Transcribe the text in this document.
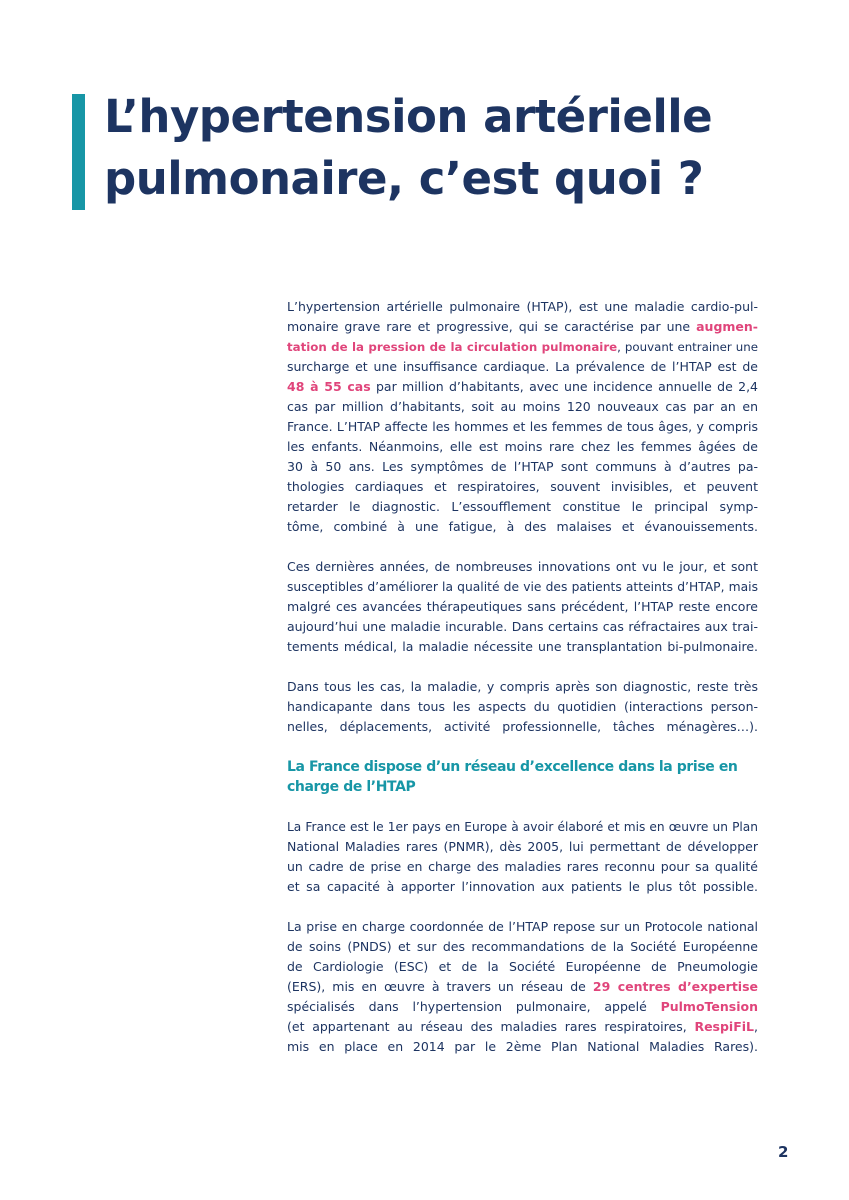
L’hypertension artérielle
pulmonaire, c’est quoi ?
L’hypertension artérielle pulmonaire (HTAP), est une maladie cardio-pul-
monaire grave rare et progressive, qui se caractérise par une augmen-
tation de la pression de la circulation pulmonaire, pouvant entrainer une
surcharge et une insuffisance cardiaque. La prévalence de l’HTAP est de
48 à 55 cas par million d’habitants, avec une incidence annuelle de 2,4
cas par million d’habitants, soit au moins 120 nouveaux cas par an en
France. L’HTAP affecte les hommes et les femmes de tous âges, y compris
les enfants. Néanmoins, elle est moins rare chez les femmes âgées de
30 à 50 ans. Les symptômes de l’HTAP sont communs à d’autres pa-
thologies cardiaques et respiratoires, souvent invisibles, et peuvent
retarder le diagnostic. L’essoufflement constitue le principal symp-
tôme, combiné à une fatigue, à des malaises et évanouissements.
Ces dernières années, de nombreuses innovations ont vu le jour, et sont
susceptibles d’améliorer la qualité de vie des patients atteints d’HTAP, mais
malgré ces avancées thérapeutiques sans précédent, l’HTAP reste encore
aujourd’hui une maladie incurable. Dans certains cas réfractaires aux trai-
tements médical, la maladie nécessite une transplantation bi-pulmonaire.
Dans tous les cas, la maladie, y compris après son diagnostic, reste très
handicapante dans tous les aspects du quotidien (interactions person-
nelles, déplacements, activité professionnelle, tâches ménagères…).
La France dispose d’un réseau d’excellence dans la prise en
charge de l’HTAP
La France est le 1er pays en Europe à avoir élaboré et mis en œuvre un Plan
National Maladies rares (PNMR), dès 2005, lui permettant de développer
un cadre de prise en charge des maladies rares reconnu pour sa qualité
et sa capacité à apporter l’innovation aux patients le plus tôt possible.
La prise en charge coordonnée de l’HTAP repose sur un Protocole national
de soins (PNDS) et sur des recommandations de la Société Européenne
de Cardiologie (ESC) et de la Société Européenne de Pneumologie
(ERS), mis en œuvre à travers un réseau de 29 centres d’expertise
spécialisés dans l’hypertension pulmonaire, appelé PulmoTension
(et appartenant au réseau des maladies rares respiratoires, RespiFiL,
mis en place en 2014 par le 2ème Plan National Maladies Rares).
2
